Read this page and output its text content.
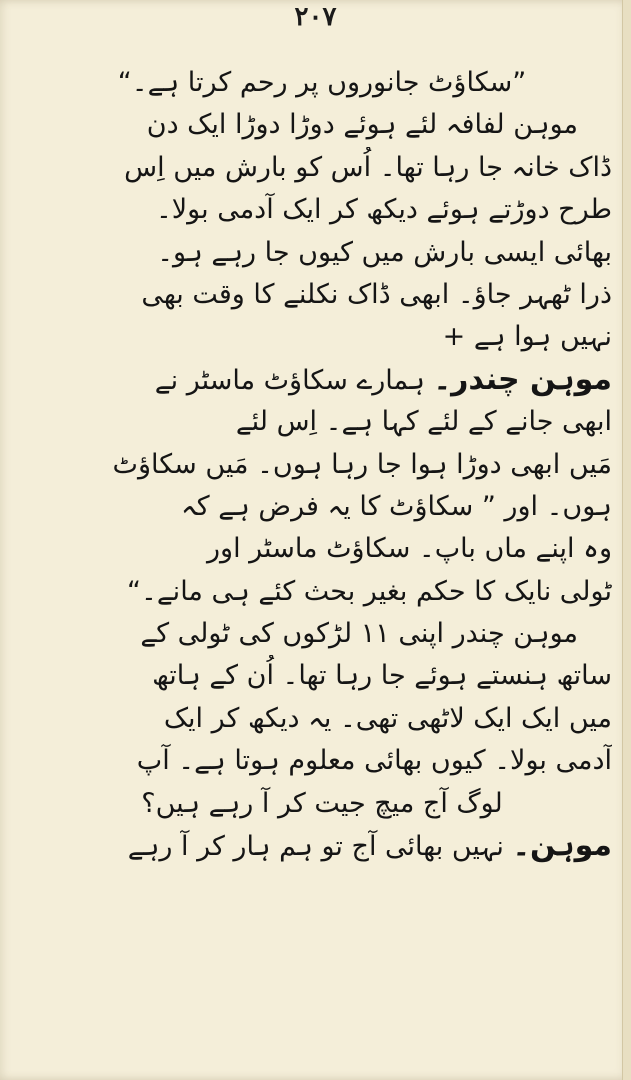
۲۰۷
”سکاؤٹ جانوروں پر رحم کرتا ہے۔“
موہن لفافہ لئے ہوئے دوڑا دوڑا ایک دن
ڈاک خانہ جا رہا تھا۔ اُس کو بارش میں اِس
طرح دوڑتے ہوئے دیکھ کر ایک آدمی بولا۔
بھائی ایسی بارش میں کیوں جا رہے ہو۔
ذرا ٹھہر جاؤ۔ ابھی ڈاک نکلنے کا وقت بھی
نہیں ہوا ہے +
موہن چندر۔ ہمارے سکاؤٹ ماسٹر نے
ابھی جانے کے لئے کہا ہے۔ اِس لئے
مَیں ابھی دوڑا ہوا جا رہا ہوں۔ مَیں سکاؤٹ
ہوں۔ اور ” سکاؤٹ کا یہ فرض ہے کہ
وہ اپنے ماں باپ۔ سکاؤٹ ماسٹر اور
ٹولی نایک کا حکم بغیر بحث کئے ہی مانے۔“
موہن چندر اپنی ۱۱ لڑکوں کی ٹولی کے
ساتھ ہنستے ہوئے جا رہا تھا۔ اُن کے ہاتھ
میں ایک ایک لاٹھی تھی۔ یہ دیکھ کر ایک
آدمی بولا۔ کیوں بھائی معلوم ہوتا ہے۔ آپ
لوگ آج میچ جیت کر آ رہے ہیں؟
موہن۔ نہیں بھائی آج تو ہم ہار کر آ رہے
